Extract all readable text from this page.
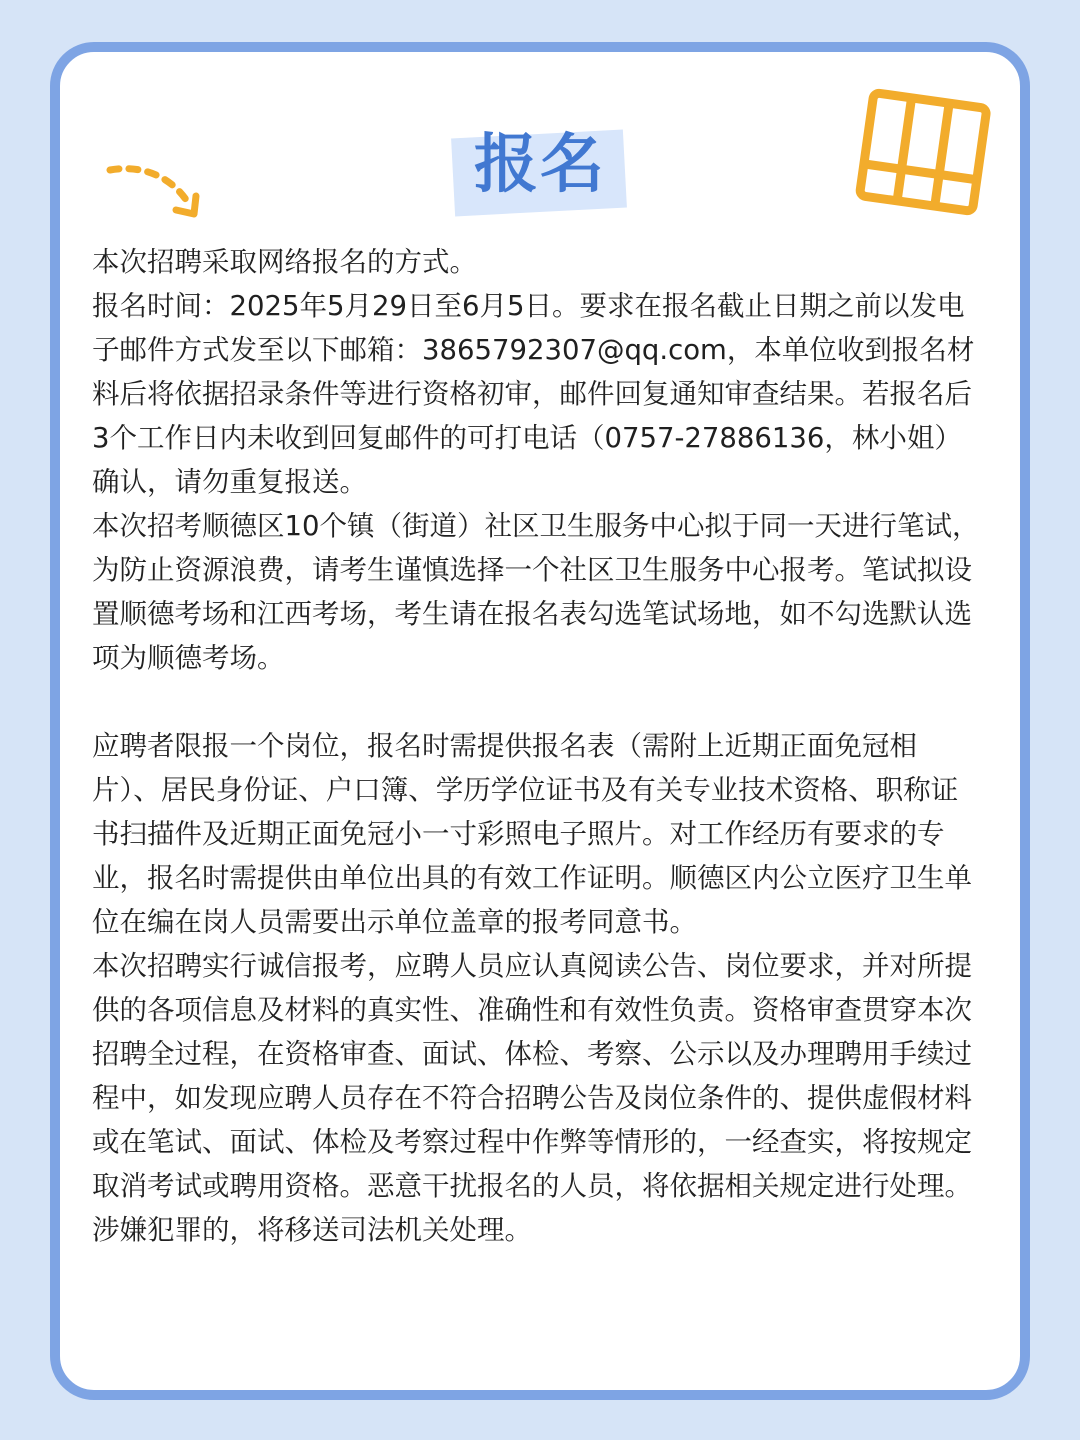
报名

本次招聘采取网络报名的方式。

报名时间：2025年5月29日至6月5日。要求在报名截止日期之前以发电子邮件方式发至以下邮箱：3865792307@qq.com，本单位收到报名材料后将依据招录条件等进行资格初审，邮件回复通知审查结果。若报名后3个工作日内未收到回复邮件的可打电话（0757-27886136，林小姐）确认，请勿重复报送。

本次招考顺德区10个镇（街道）社区卫生服务中心拟于同一天进行笔试，为防止资源浪费，请考生谨慎选择一个社区卫生服务中心报考。笔试拟设置顺德考场和江西考场，考生请在报名表勾选笔试场地，如不勾选默认选项为顺德考场。

应聘者限报一个岗位，报名时需提供报名表（需附上近期正面免冠相片）、居民身份证、户口簿、学历学位证书及有关专业技术资格、职称证书扫描件及近期正面免冠小一寸彩照电子照片。对工作经历有要求的专业，报名时需提供由单位出具的有效工作证明。顺德区内公立医疗卫生单位在编在岗人员需要出示单位盖章的报考同意书。

本次招聘实行诚信报考，应聘人员应认真阅读公告、岗位要求，并对所提供的各项信息及材料的真实性、准确性和有效性负责。资格审查贯穿本次招聘全过程，在资格审查、面试、体检、考察、公示以及办理聘用手续过程中，如发现应聘人员存在不符合招聘公告及岗位条件的、提供虚假材料或在笔试、面试、体检及考察过程中作弊等情形的，一经查实，将按规定取消考试或聘用资格。恶意干扰报名的人员，将依据相关规定进行处理。涉嫌犯罪的，将移送司法机关处理。
